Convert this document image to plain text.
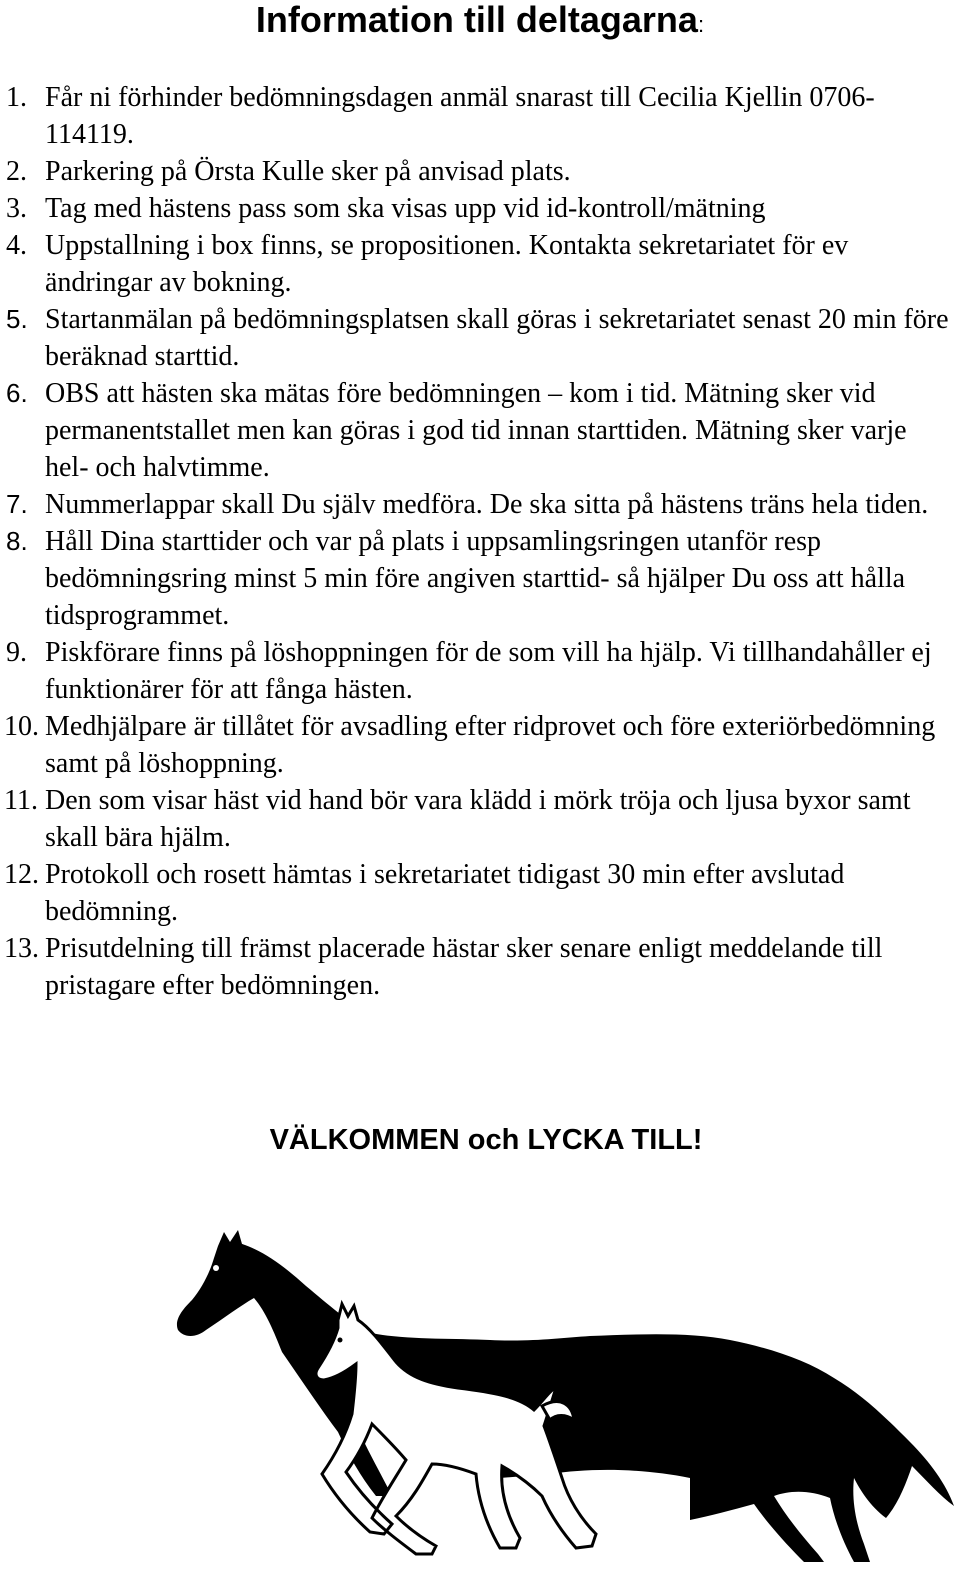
Information till deltagarna:
1. Får ni förhinder bedömningsdagen anmäl snarast till Cecilia Kjellin 0706-114119.
2. Parkering på Örsta Kulle sker på anvisad plats.
3. Tag med hästens pass som ska visas upp vid id-kontroll/mätning
4. Uppstallning i box finns, se propositionen. Kontakta sekretariatet för ev ändringar av bokning.
5. Startanmälan på bedömningsplatsen skall göras i sekretariatet senast 20 min före beräknad starttid.
6. OBS att hästen ska mätas före bedömningen – kom i tid. Mätning sker vid permanentstallet men kan göras i god tid innan starttiden. Mätning sker varje hel- och halvtimme.
7. Nummerlappar skall Du själv medföra. De ska sitta på hästens träns hela tiden.
8. Håll Dina starttider och var på plats i uppsamlingsringen utanför resp bedömningsring minst 5 min före angiven starttid- så hjälper Du oss att hålla tidsprogrammet.
9. Piskförare finns på löshoppningen för de som vill ha hjälp. Vi tillhandahåller ej funktionärer för att fånga hästen.
10. Medhjälpare är tillåtet för avsadling efter ridprovet och före exteriörbedömning samt på löshoppning.
11. Den som visar häst vid hand bör vara klädd i mörk tröja och ljusa byxor samt skall bära hjälm.
12. Protokoll och rosett hämtas i sekretariatet tidigast 30 min efter avslutad bedömning.
13. Prisutdelning till främst placerade hästar sker senare enligt meddelande till pristagare efter bedömningen.

VÄLKOMMEN och LYCKA TILL!
